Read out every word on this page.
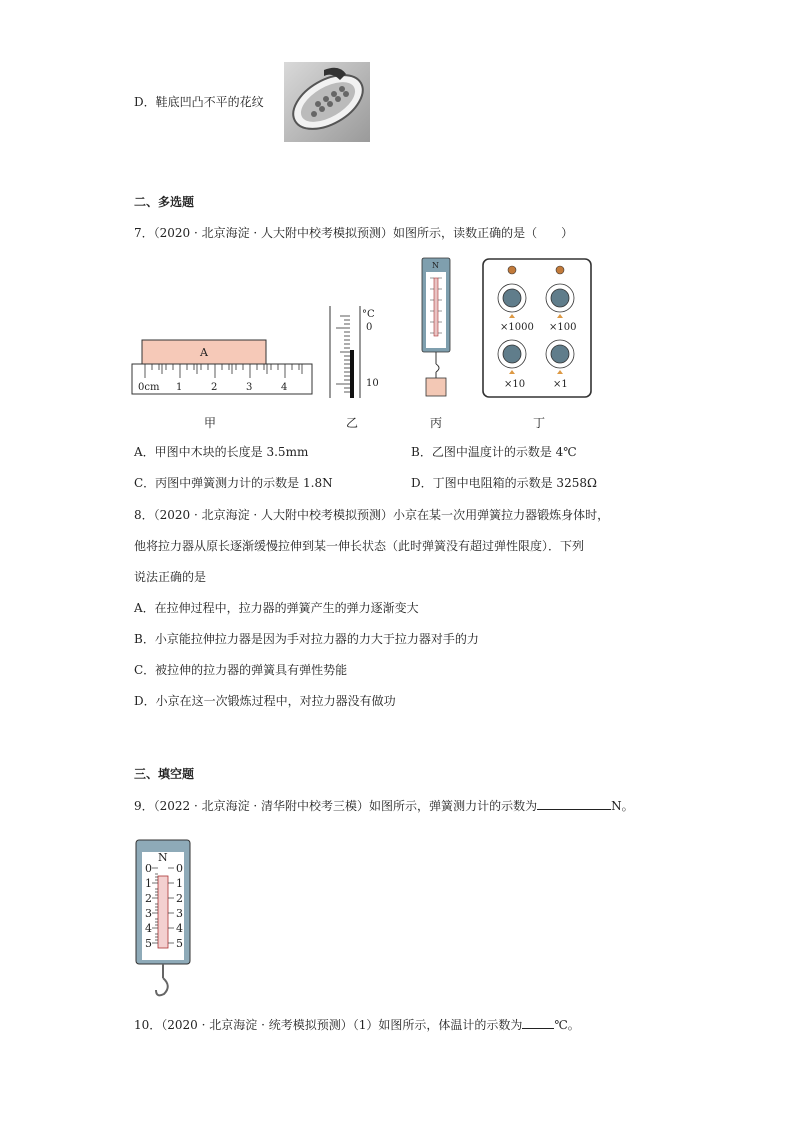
D．鞋底凹凸不平的花纹
二、多选题
7．（2020 · 北京海淀 · 人大附中校考模拟预测）如图所示，读数正确的是（　　）
A
0cm 1	2	3	4
甲
°C
0
10
乙
N
丙
×1000 ×100
×10	×1
丁
A．甲图中木块的长度是 3.5mm	B．乙图中温度计的示数是 4℃
C．丙图中弹簧测力计的示数是 1.8N	D．丁图中电阻箱的示数是 3258Ω
8．（2020 · 北京海淀 · 人大附中校考模拟预测）小京在某一次用弹簧拉力器锻炼身体时，
他将拉力器从原长逐渐缓慢拉伸到某一伸长状态（此时弹簧没有超过弹性限度）．下列
说法正确的是
A．在拉伸过程中，拉力器的弹簧产生的弹力逐渐变大
B．小京能拉伸拉力器是因为手对拉力器的力大于拉力器对手的力
C．被拉伸的拉力器的弹簧具有弹性势能
D．小京在这一次锻炼过程中，对拉力器没有做功
三、填空题
9．（2022 · 北京海淀 · 清华附中校考三模）如图所示，弹簧测力计的示数为	N。
N
0
1
2
3
4
5
0
1
2
3
4
5
10．（2020 · 北京海淀 · 统考模拟预测）（1）如图所示，体温计的示数为	℃。
